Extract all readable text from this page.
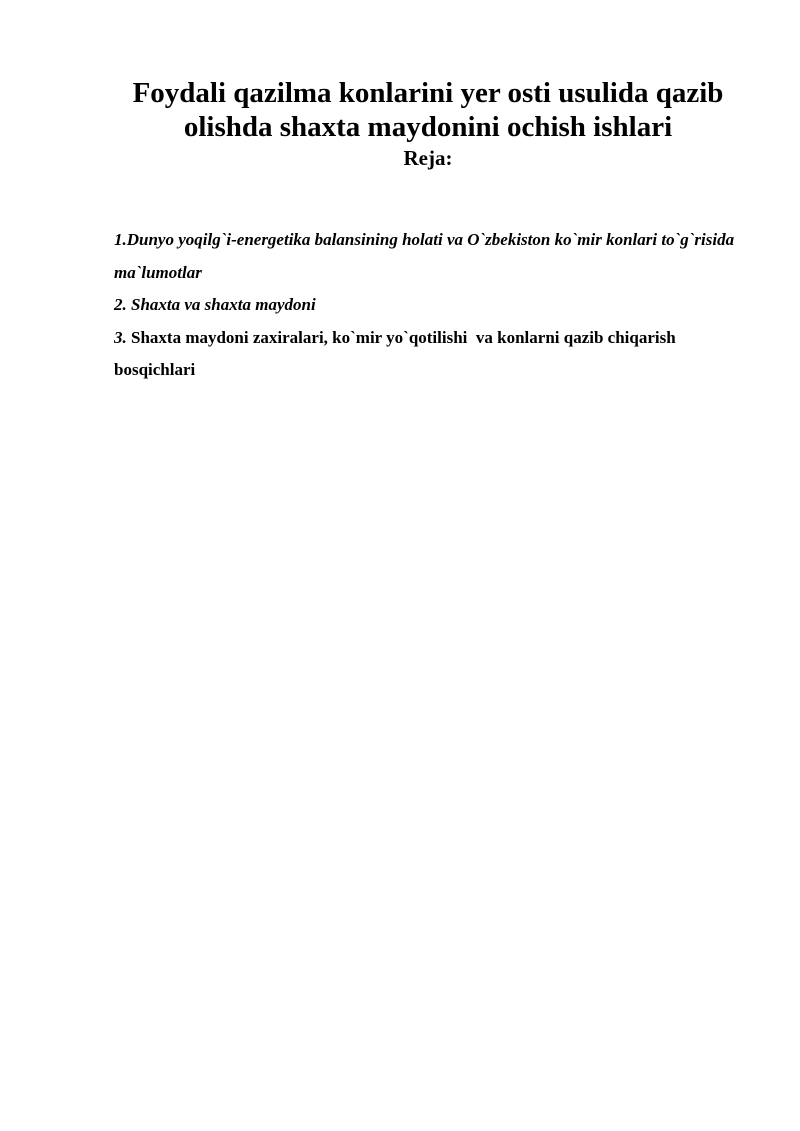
Foydali qazilma konlarini yer osti usulida qazib olishda shaxta maydonini ochish ishlari
Reja:
1.Dunyo yoqilg`i-energetika balansining holati va O`zbekiston ko`mir konlari to`g`risida ma`lumotlar
2. Shaxta va shaxta maydoni
3. Shaxta maydoni zaxiralari, ko`mir yo`qotilishi  va konlarni qazib chiqarish bosqichlari
